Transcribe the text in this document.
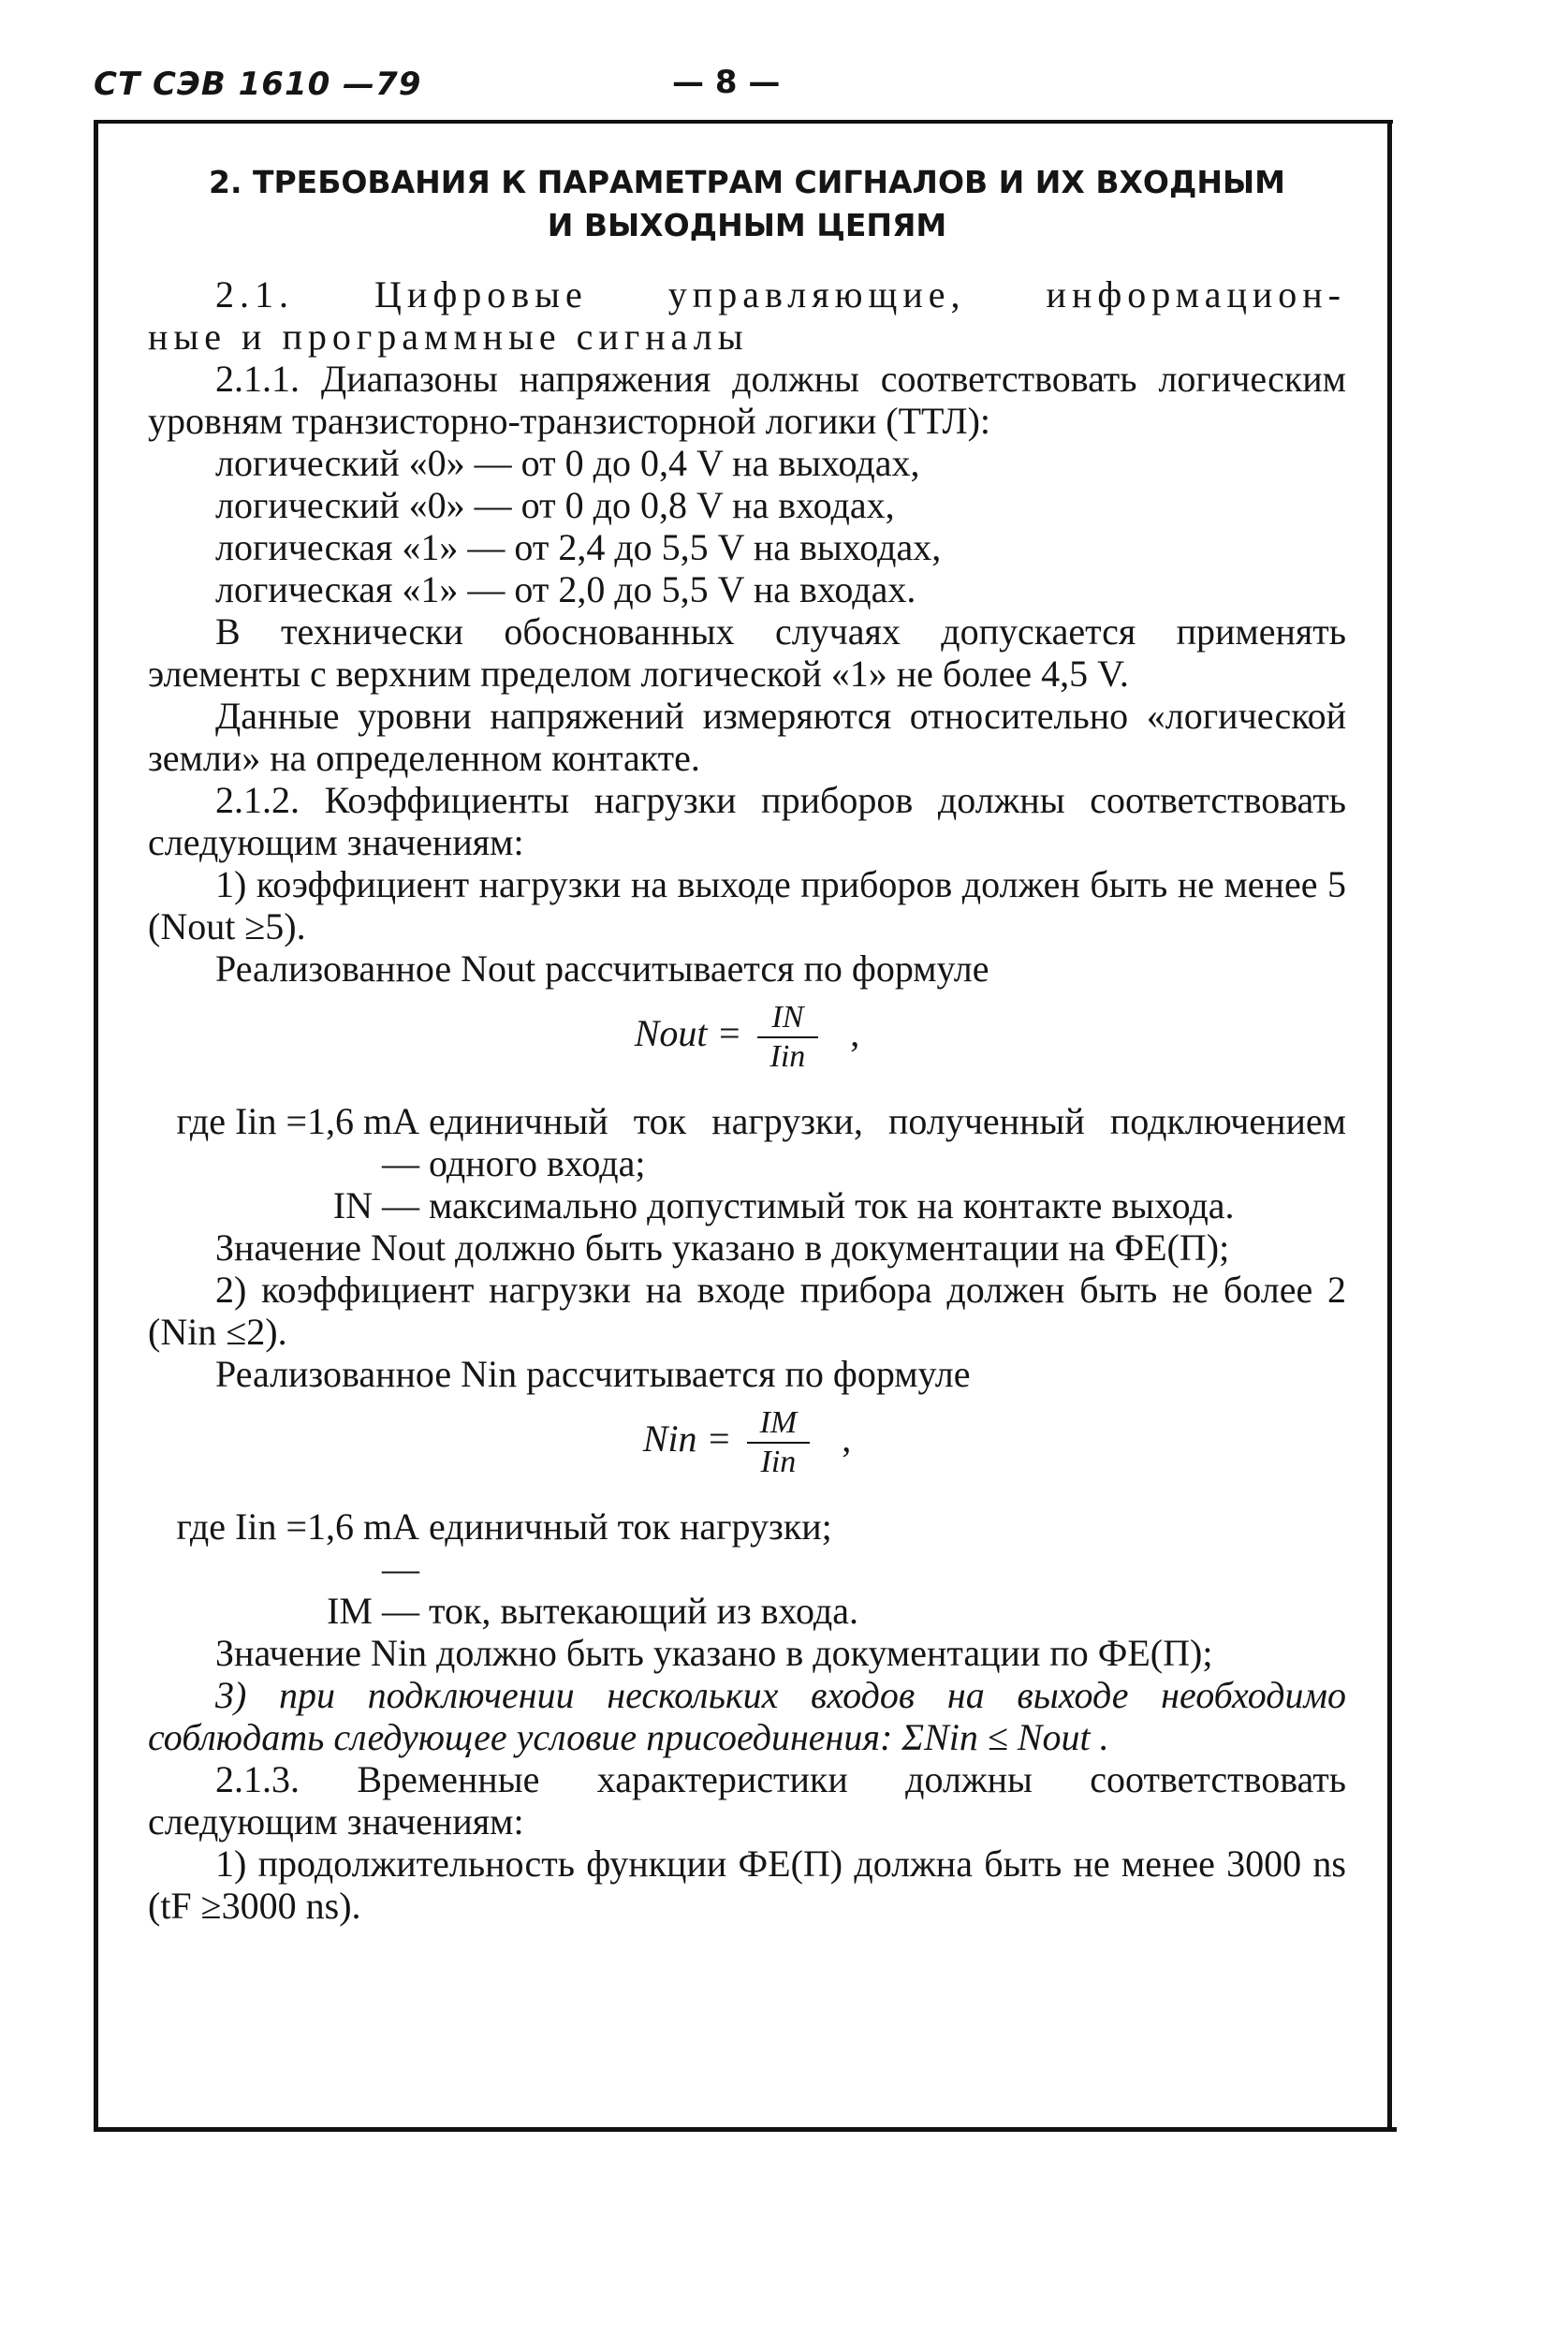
СТ СЭВ 1610 —79	— 8 —
2. ТРЕБОВАНИЯ К ПАРАМЕТРАМ СИГНАЛОВ И ИХ ВХОДНЫМ
И ВЫХОДНЫМ ЦЕПЯМ

2.1. Цифровые управляющие, информацион-

ные и программные сигналы

2.1.1. Диапазоны напряжения должны соответствовать логическим уровням транзисторно-транзисторной логики (ТТЛ):

логический «0» — от 0 до 0,4 V на выходах,

логический «0» — от 0 до 0,8 V на входах,

логическая «1» — от 2,4 до 5,5 V на выходах,

логическая «1» — от 2,0 до 5,5 V на входах.

В технически обоснованных случаях допускается применять элементы с верхним пределом логической «1» не более 4,5 V.

Данные уровни напряжений измеряются относительно «логической земли» на определенном контакте.

2.1.2. Коэффициенты нагрузки приборов должны соответствовать следующим значениям:

1) коэффициент нагрузки на выходе приборов должен быть не менее 5 (Nout ≥5).

Реализованное Nout рассчитывается по формуле

Nout = $\frac{IN}{\text{Iin}}$ ,
где Iin =1,6 mA —
единичный ток нагрузки, полученный подключением одного входа;
IN — максимально допустимый ток на контакте выхода.

Значение Nout должно быть указано в документации на ФЕ(П);

2) коэффициент нагрузки на входе прибора должен быть не более 2 (Nin ≤2).

Реализованное Nin рассчитывается по формуле

Nin = $\frac{IM}{\text{Iin}}$ ,
где Iin =1,6 mA —
единичный ток нагрузки;
IM — ток, вытекающий из входа.

Значение Nin должно быть указано в документации по ФЕ(П);

3) при подключении нескольких входов на выходе необходимо соблюдать следующее условие присоединения: ΣNin ≤ Nout .

2.1.3. Временные характеристики должны соответствовать следующим значениям:

1) продолжительность функции ФЕ(П) должна быть не менее 3000 ns (tF ≥3000 ns).
